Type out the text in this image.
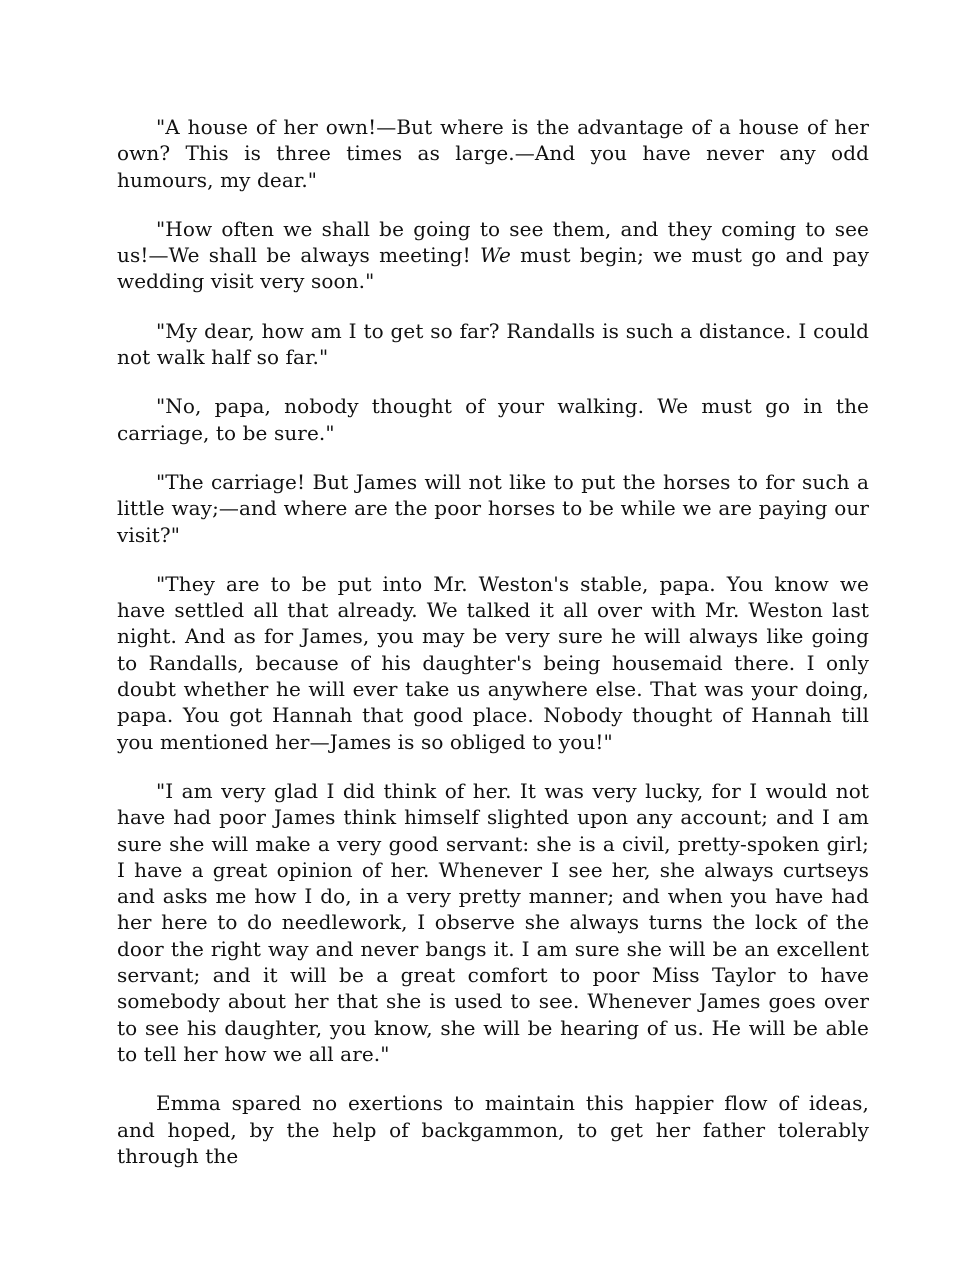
"A house of her own!—But where is the advantage of a house of her own? This is three times as large.—And you have never any odd humours, my dear."

"How often we shall be going to see them, and they coming to see us!—We shall be always meeting! We must begin; we must go and pay wedding visit very soon."

"My dear, how am I to get so far? Randalls is such a distance. I could not walk half so far."

"No, papa, nobody thought of your walking. We must go in the carriage, to be sure."

"The carriage! But James will not like to put the horses to for such a little way;—and where are the poor horses to be while we are paying our visit?"

"They are to be put into Mr. Weston's stable, papa. You know we have settled all that already. We talked it all over with Mr. Weston last night. And as for James, you may be very sure he will always like going to Randalls, because of his daughter's being housemaid there. I only doubt whether he will ever take us anywhere else. That was your doing, papa. You got Hannah that good place. Nobody thought of Hannah till you mentioned her—James is so obliged to you!"

"I am very glad I did think of her. It was very lucky, for I would not have had poor James think himself slighted upon any account; and I am sure she will make a very good servant: she is a civil, pretty-spoken girl; I have a great opinion of her. Whenever I see her, she always curtseys and asks me how I do, in a very pretty manner; and when you have had her here to do needlework, I observe she always turns the lock of the door the right way and never bangs it. I am sure she will be an excellent servant; and it will be a great comfort to poor Miss Taylor to have somebody about her that she is used to see. Whenever James goes over to see his daughter, you know, she will be hearing of us. He will be able to tell her how we all are."

Emma spared no exertions to maintain this happier flow of ideas, and hoped, by the help of backgammon, to get her father tolerably through the
